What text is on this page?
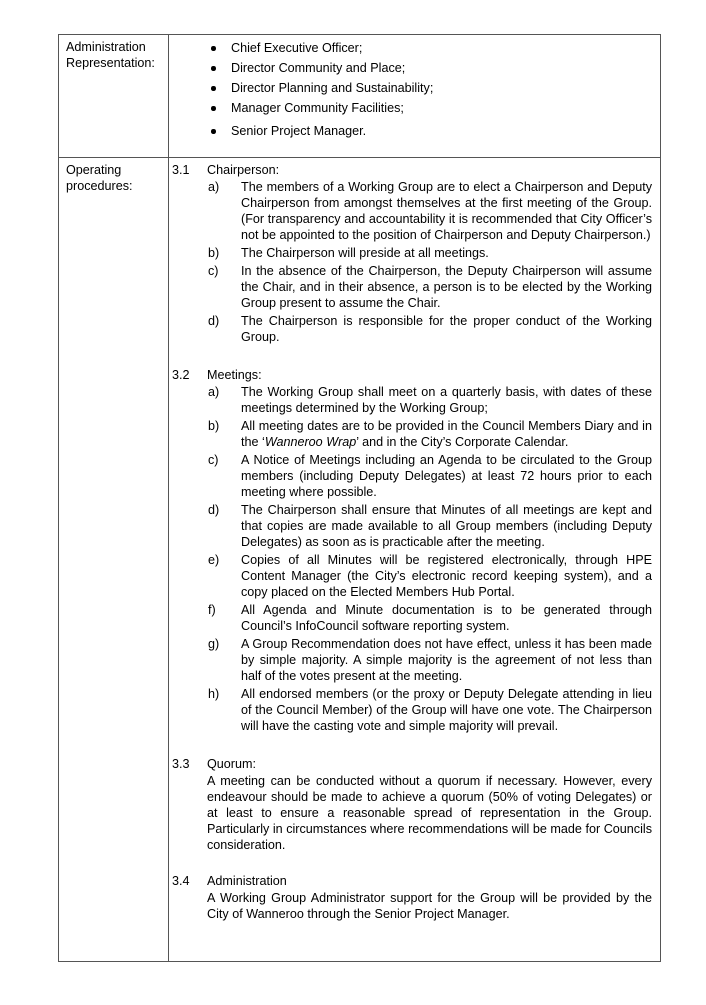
Administration Representation:
Chief Executive Officer;
Director Community and Place;
Director Planning and Sustainability;
Manager Community Facilities;
Senior Project Manager.
Operating procedures:
3.1 Chairperson:
a) The members of a Working Group are to elect a Chairperson and Deputy Chairperson from amongst themselves at the first meeting of the Group. (For transparency and accountability it is recommended that City Officer’s not be appointed to the position of Chairperson and Deputy Chairperson.)
b) The Chairperson will preside at all meetings.
c) In the absence of the Chairperson, the Deputy Chairperson will assume the Chair, and in their absence, a person is to be elected by the Working Group present to assume the Chair.
d) The Chairperson is responsible for the proper conduct of the Working Group.
3.2 Meetings:
a) The Working Group shall meet on a quarterly basis, with dates of these meetings determined by the Working Group;
b) All meeting dates are to be provided in the Council Members Diary and in the ‘Wanneroo Wrap’ and in the City’s Corporate Calendar.
c) A Notice of Meetings including an Agenda to be circulated to the Group members (including Deputy Delegates) at least 72 hours prior to each meeting where possible.
d) The Chairperson shall ensure that Minutes of all meetings are kept and that copies are made available to all Group members (including Deputy Delegates) as soon as is practicable after the meeting.
e) Copies of all Minutes will be registered electronically, through HPE Content Manager (the City’s electronic record keeping system), and a copy placed on the Elected Members Hub Portal.
f) All Agenda and Minute documentation is to be generated through Council’s InfoCouncil software reporting system.
g) A Group Recommendation does not have effect, unless it has been made by simple majority. A simple majority is the agreement of not less than half of the votes present at the meeting.
h) All endorsed members (or the proxy or Deputy Delegate attending in lieu of the Council Member) of the Group will have one vote. The Chairperson will have the casting vote and simple majority will prevail.
3.3 Quorum:
A meeting can be conducted without a quorum if necessary. However, every endeavour should be made to achieve a quorum (50% of voting Delegates) or at least to ensure a reasonable spread of representation in the Group. Particularly in circumstances where recommendations will be made for Councils consideration.
3.4 Administration
A Working Group Administrator support for the Group will be provided by the City of Wanneroo through the Senior Project Manager.
